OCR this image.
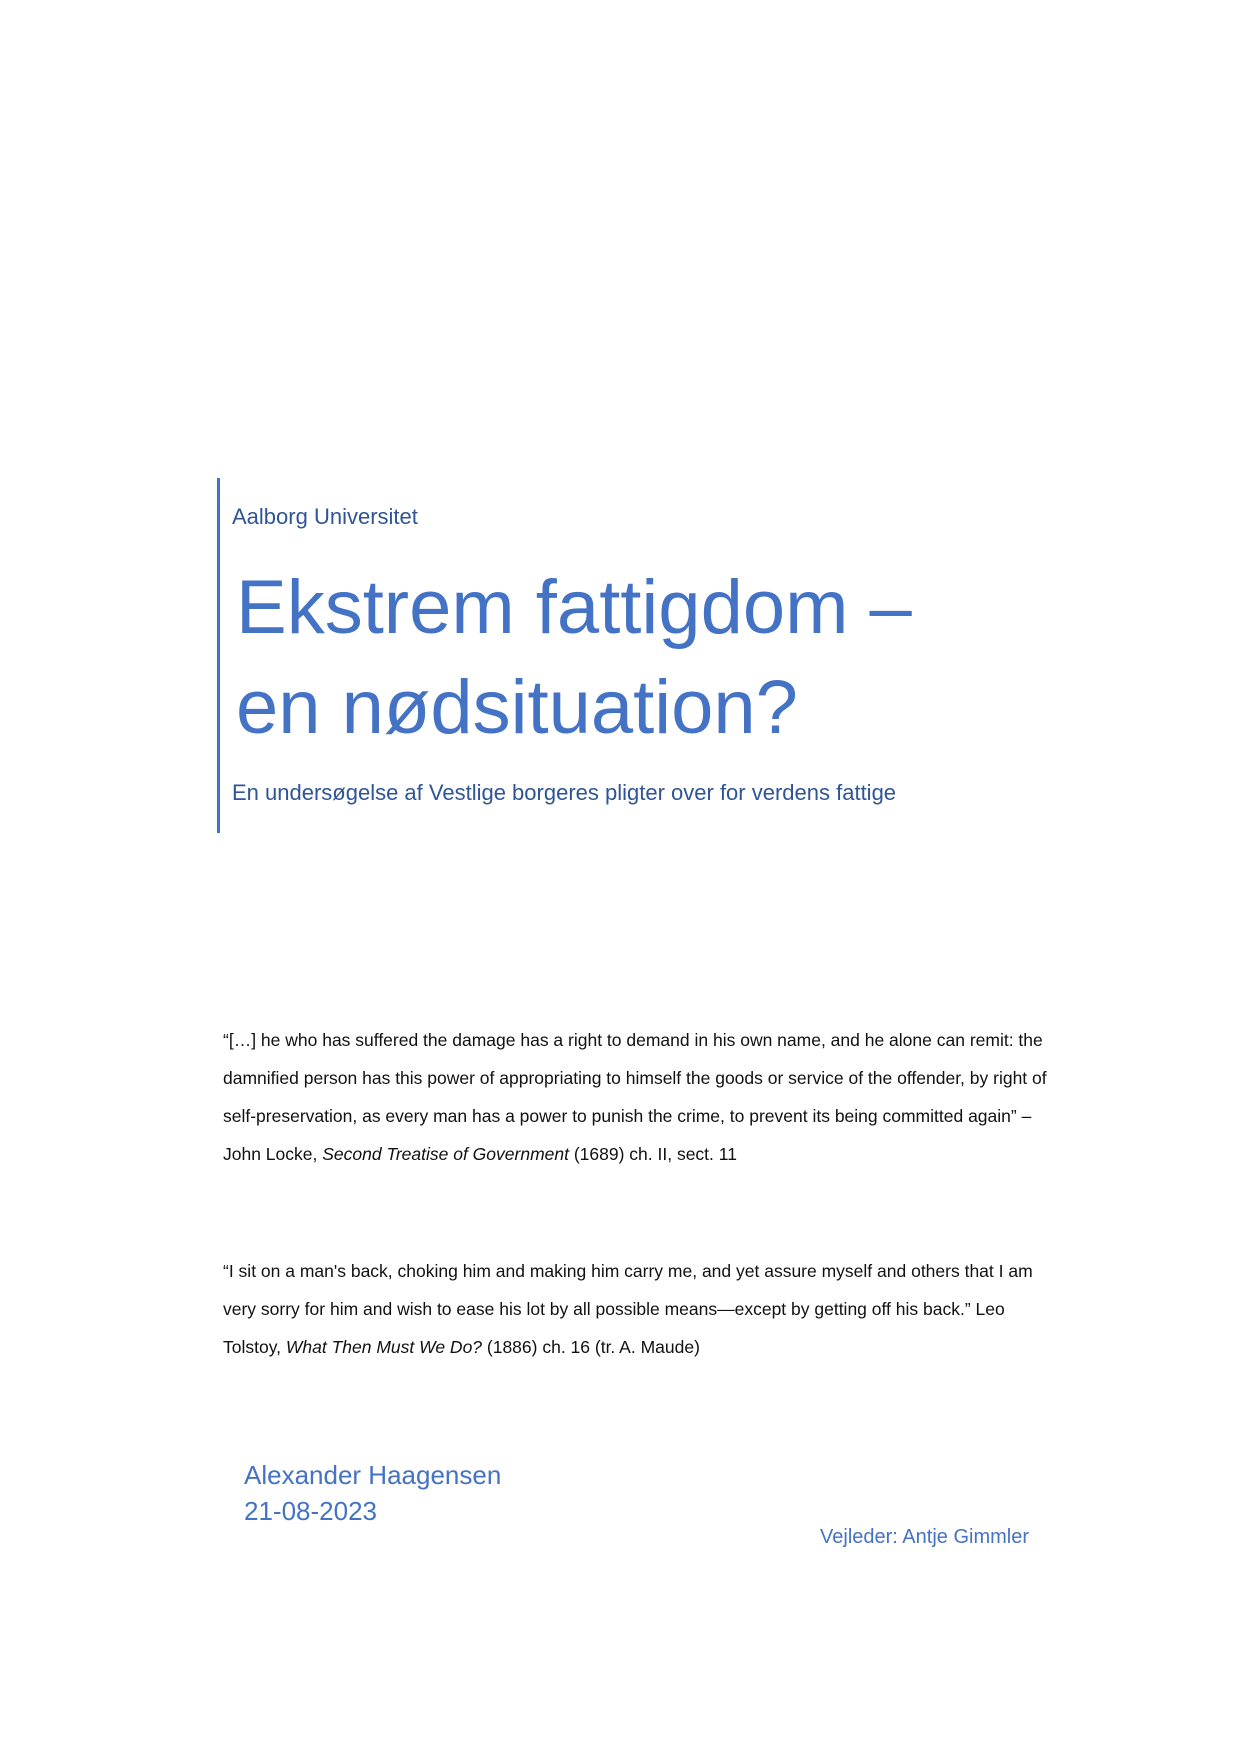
Aalborg Universitet
Ekstrem fattigdom –
en nødsituation?
En undersøgelse af Vestlige borgeres pligter over for verdens fattige

“[…] he who has suffered the damage has a right to demand in his own name, and he alone can remit: the damnified person has this power of appropriating to himself the goods or service of the offender, by right of self-preservation, as every man has a power to punish the crime, to prevent its being committed again” – John Locke, Second Treatise of Government (1689) ch. II, sect. 11

“I sit on a man's back, choking him and making him carry me, and yet assure myself and others that I am very sorry for him and wish to ease his lot by all possible means—except by getting off his back.” Leo Tolstoy, What Then Must We Do? (1886) ch. 16 (tr. A. Maude)

Alexander Haagensen
21-08-2023
Vejleder: Antje Gimmler
